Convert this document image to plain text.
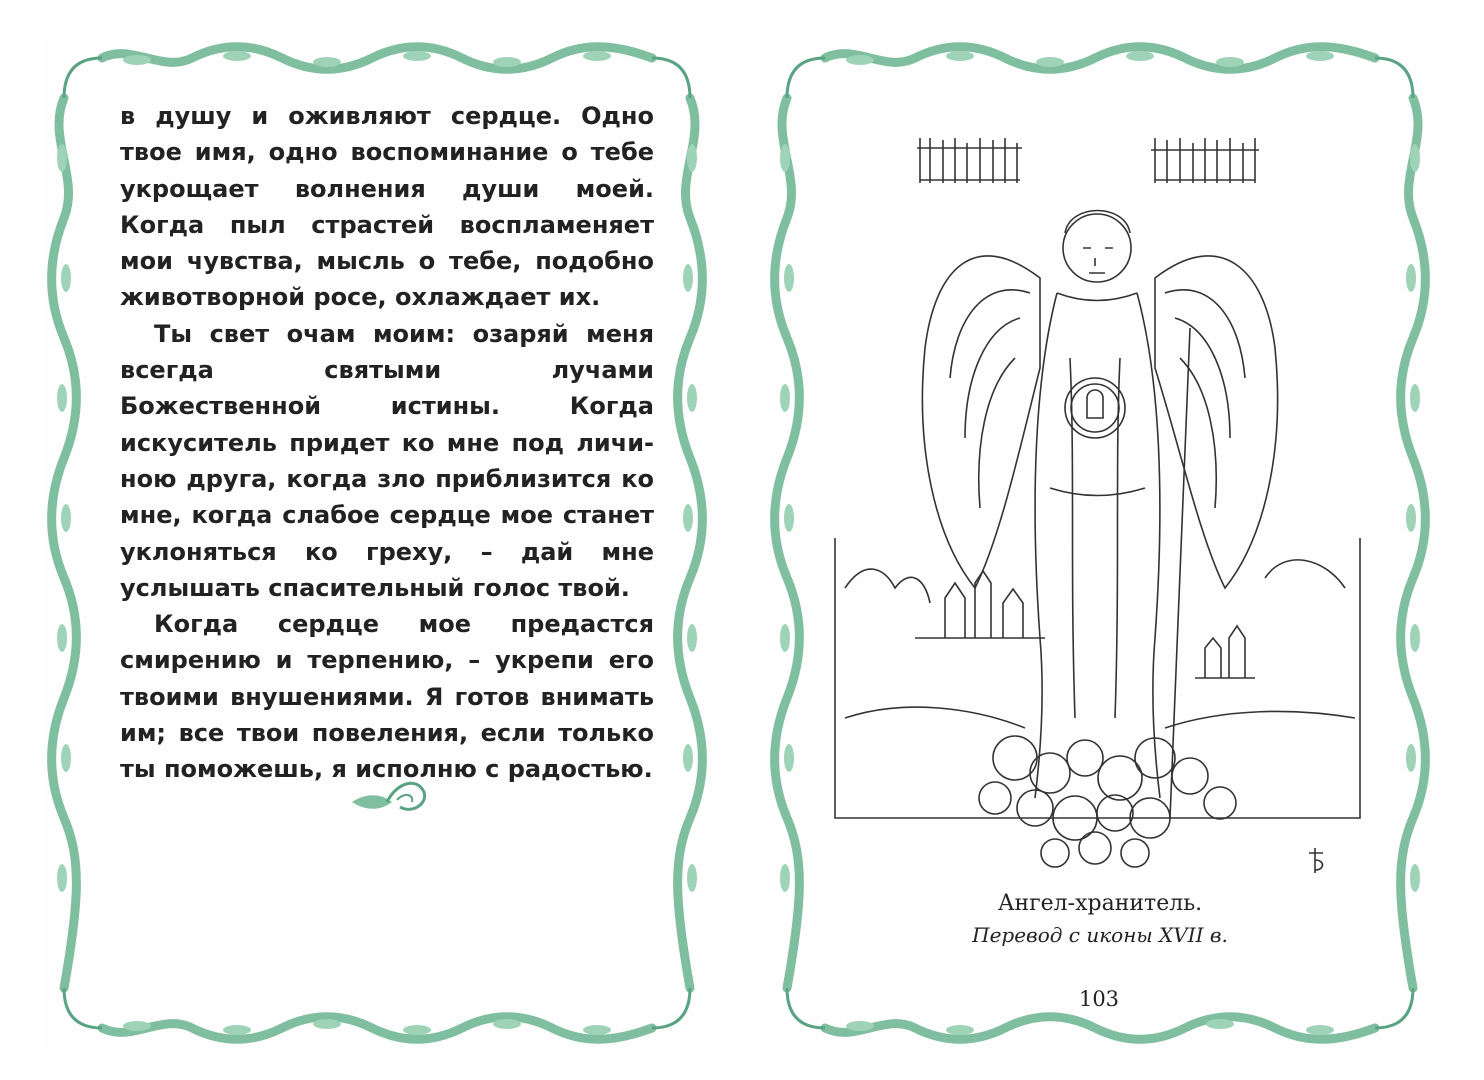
в душу и оживляют сердце. Одно твое имя, одно воспоминание о тебе укрощает волнения души моей. Когда пыл страстей воспламеняет мои чувства, мысль о тебе, подобно животворной росе, охлаждает их.

Ты свет очам моим: озаряй меня всегда святыми лучами Божественной истины. Когда искуситель придет ко мне под личиною друга, когда зло приблизится ко мне, когда слабое сердце мое станет уклоняться ко греху, – дай мне услышать спасительный голос твой.

Когда сердце мое предастся смирению и терпению, – укрепи его твоими внушениями. Я готов внимать им; все твои повеления, если только ты поможешь, я исполню с радостью.

Ангел-хранитель.
Перевод с иконы XVII в.
103
